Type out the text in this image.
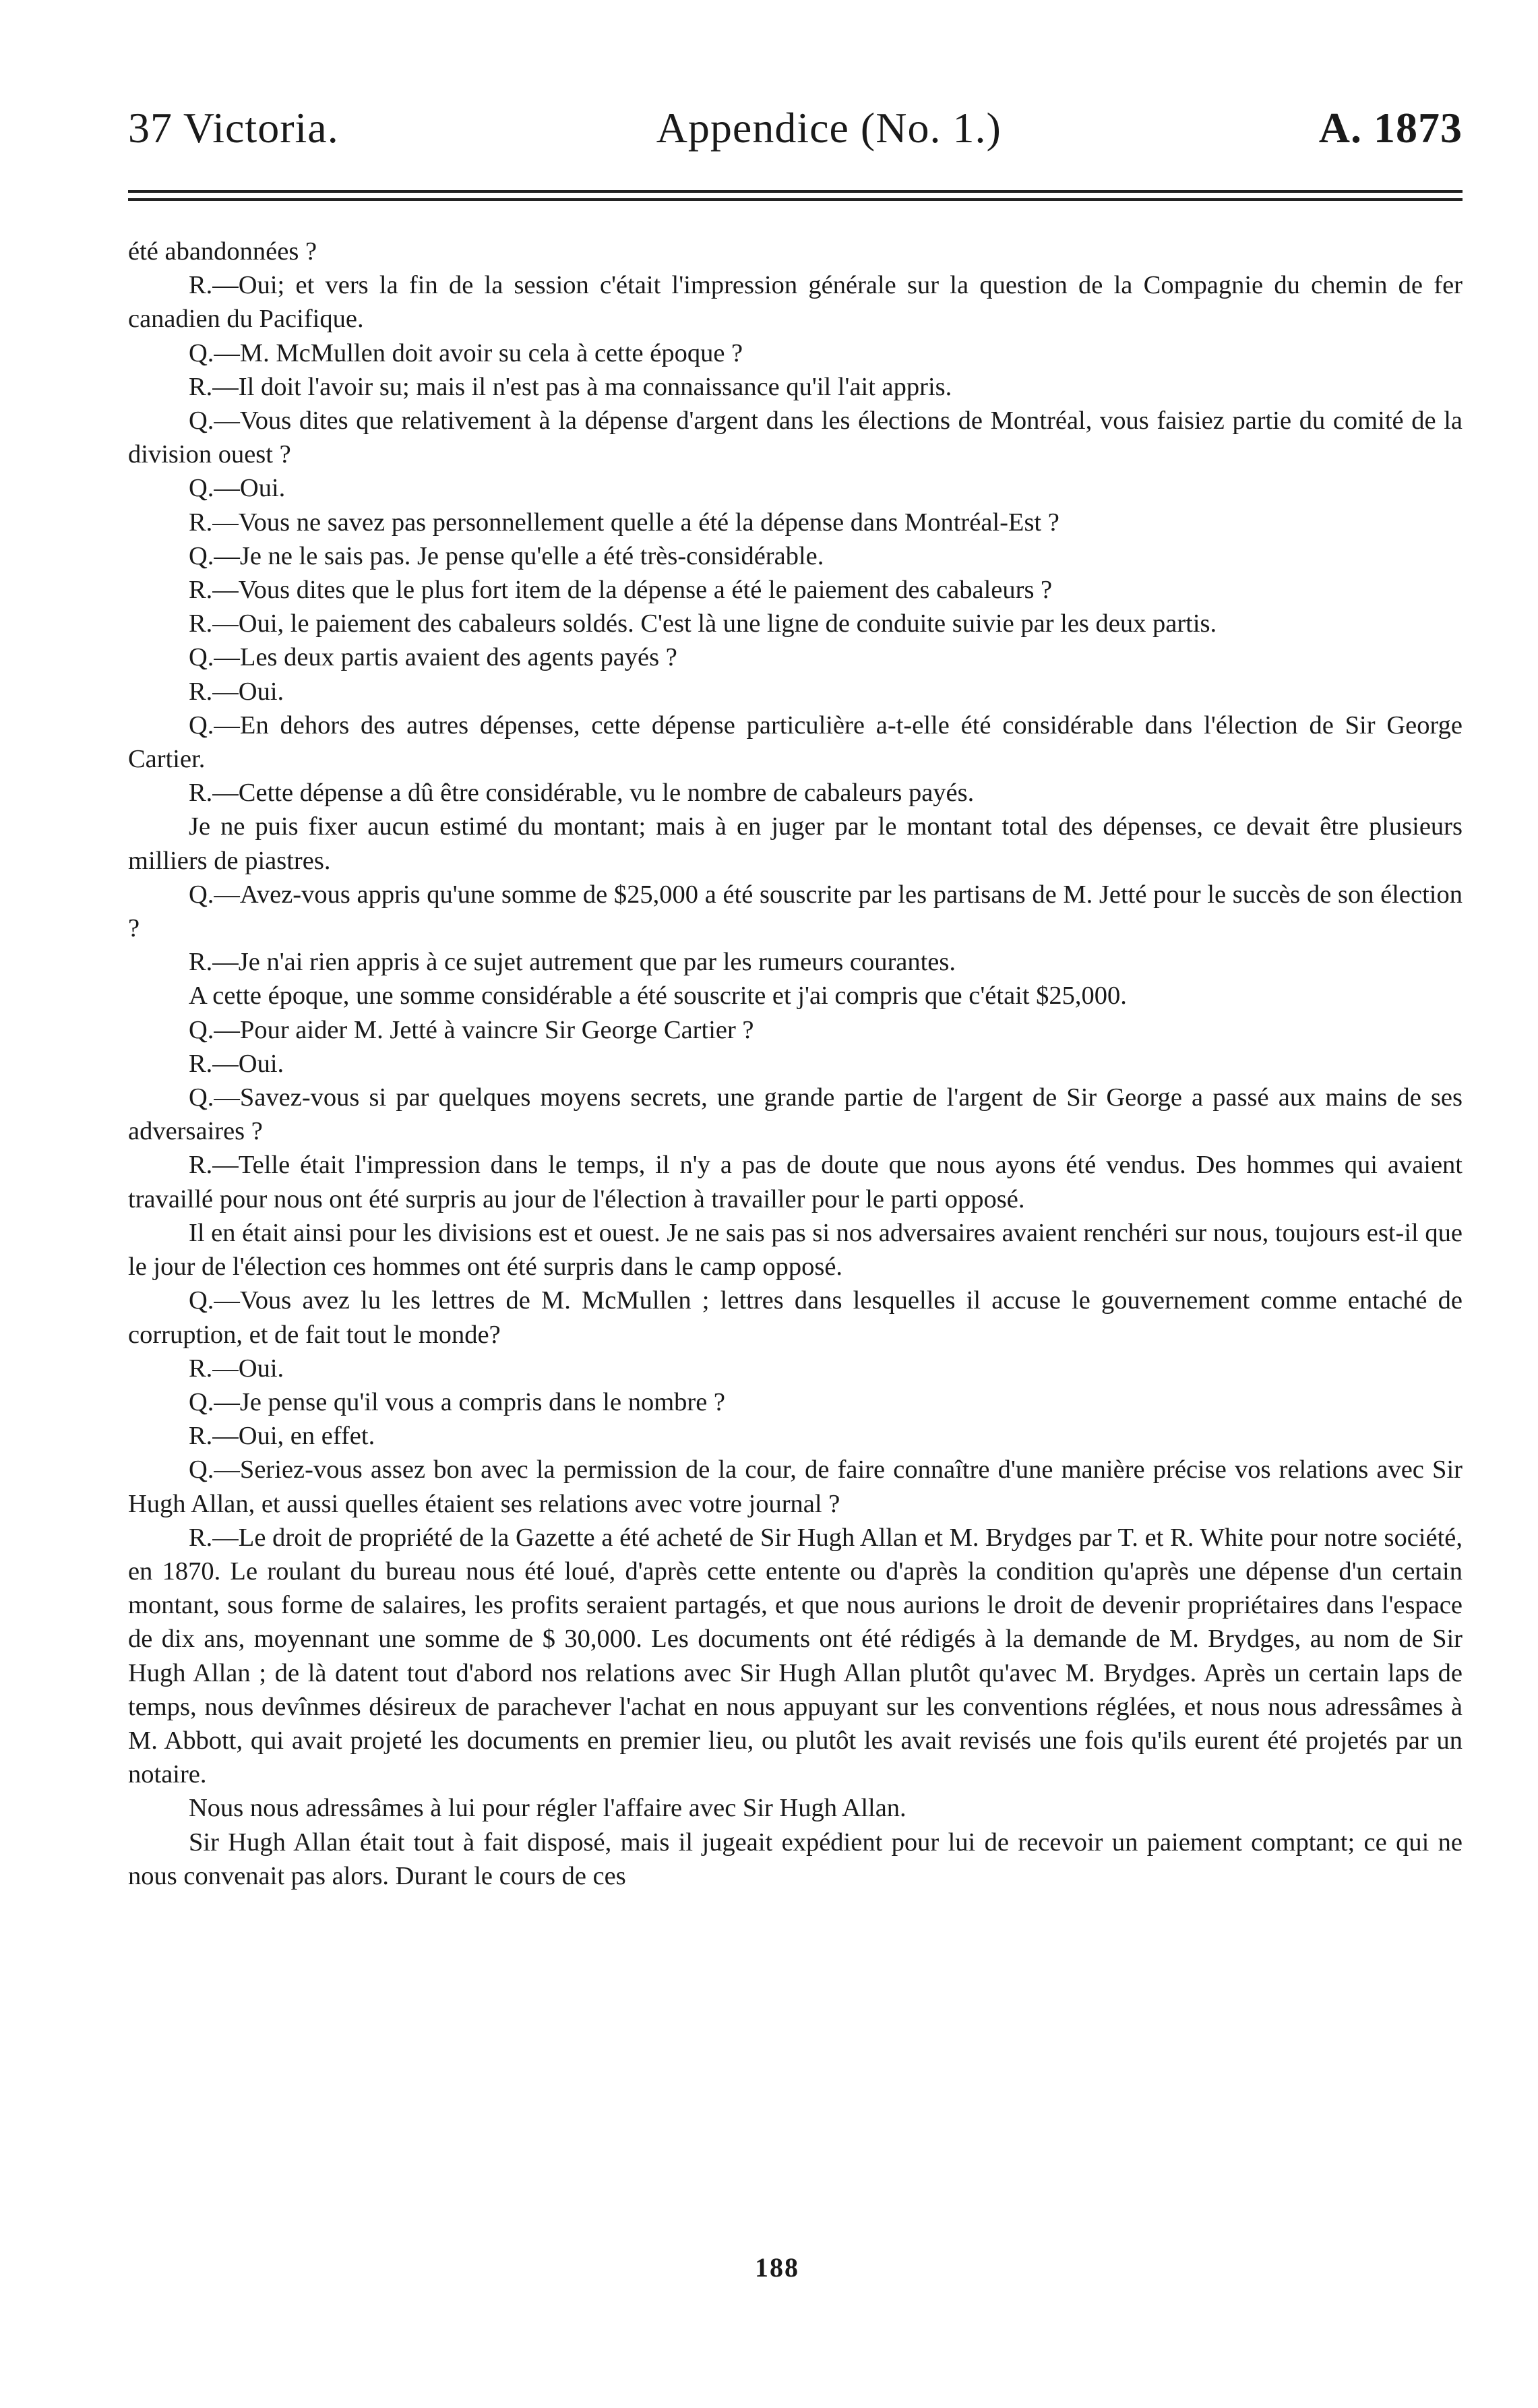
37 Victoria.	Appendice (No. 1.)	A. 1873

été abandonnées ?

R.—Oui; et vers la fin de la session c'était l'impression générale sur la question de la Compagnie du chemin de fer canadien du Pacifique.

Q.—M. McMullen doit avoir su cela à cette époque ?

R.—Il doit l'avoir su; mais il n'est pas à ma connaissance qu'il l'ait appris.

Q.—Vous dites que relativement à la dépense d'argent dans les élections de Montréal, vous faisiez partie du comité de la division ouest ?

Q.—Oui.

R.—Vous ne savez pas personnellement quelle a été la dépense dans Montréal-Est ?

Q.—Je ne le sais pas. Je pense qu'elle a été très-considérable.

R.—Vous dites que le plus fort item de la dépense a été le paiement des cabaleurs ?

R.—Oui, le paiement des cabaleurs soldés. C'est là une ligne de conduite suivie par les deux partis.

Q.—Les deux partis avaient des agents payés ?

R.—Oui.

Q.—En dehors des autres dépenses, cette dépense particulière a-t-elle été considérable dans l'élection de Sir George Cartier.

R.—Cette dépense a dû être considérable, vu le nombre de cabaleurs payés.

Je ne puis fixer aucun estimé du montant; mais à en juger par le montant total des dépenses, ce devait être plusieurs milliers de piastres.

Q.—Avez-vous appris qu'une somme de $25,000 a été souscrite par les partisans de M. Jetté pour le succès de son élection ?

R.—Je n'ai rien appris à ce sujet autrement que par les rumeurs courantes.

A cette époque, une somme considérable a été souscrite et j'ai compris que c'était $25,000.

Q.—Pour aider M. Jetté à vaincre Sir George Cartier ?

R.—Oui.

Q.—Savez-vous si par quelques moyens secrets, une grande partie de l'argent de Sir George a passé aux mains de ses adversaires ?

R.—Telle était l'impression dans le temps, il n'y a pas de doute que nous ayons été vendus. Des hommes qui avaient travaillé pour nous ont été surpris au jour de l'élection à travailler pour le parti opposé.

Il en était ainsi pour les divisions est et ouest. Je ne sais pas si nos adversaires avaient renchéri sur nous, toujours est-il que le jour de l'élection ces hommes ont été surpris dans le camp opposé.

Q.—Vous avez lu les lettres de M. McMullen ; lettres dans lesquelles il accuse le gouvernement comme entaché de corruption, et de fait tout le monde?

R.—Oui.

Q.—Je pense qu'il vous a compris dans le nombre ?

R.—Oui, en effet.

Q.—Seriez-vous assez bon avec la permission de la cour, de faire connaître d'une manière précise vos relations avec Sir Hugh Allan, et aussi quelles étaient ses relations avec votre journal ?

R.—Le droit de propriété de la Gazette a été acheté de Sir Hugh Allan et M. Brydges par T. et R. White pour notre société, en 1870. Le roulant du bureau nous été loué, d'après cette entente ou d'après la condition qu'après une dépense d'un certain montant, sous forme de salaires, les profits seraient partagés, et que nous aurions le droit de devenir propriétaires dans l'espace de dix ans, moyennant une somme de $ 30,000. Les documents ont été rédigés à la demande de M. Brydges, au nom de Sir Hugh Allan ; de là datent tout d'abord nos relations avec Sir Hugh Allan plutôt qu'avec M. Brydges. Après un certain laps de temps, nous devînmes désireux de parachever l'achat en nous appuyant sur les conventions réglées, et nous nous adressâmes à M. Abbott, qui avait projeté les documents en premier lieu, ou plutôt les avait revisés une fois qu'ils eurent été projetés par un notaire.

Nous nous adressâmes à lui pour régler l'affaire avec Sir Hugh Allan.

Sir Hugh Allan était tout à fait disposé, mais il jugeait expédient pour lui de recevoir un paiement comptant; ce qui ne nous convenait pas alors. Durant le cours de ces

188
